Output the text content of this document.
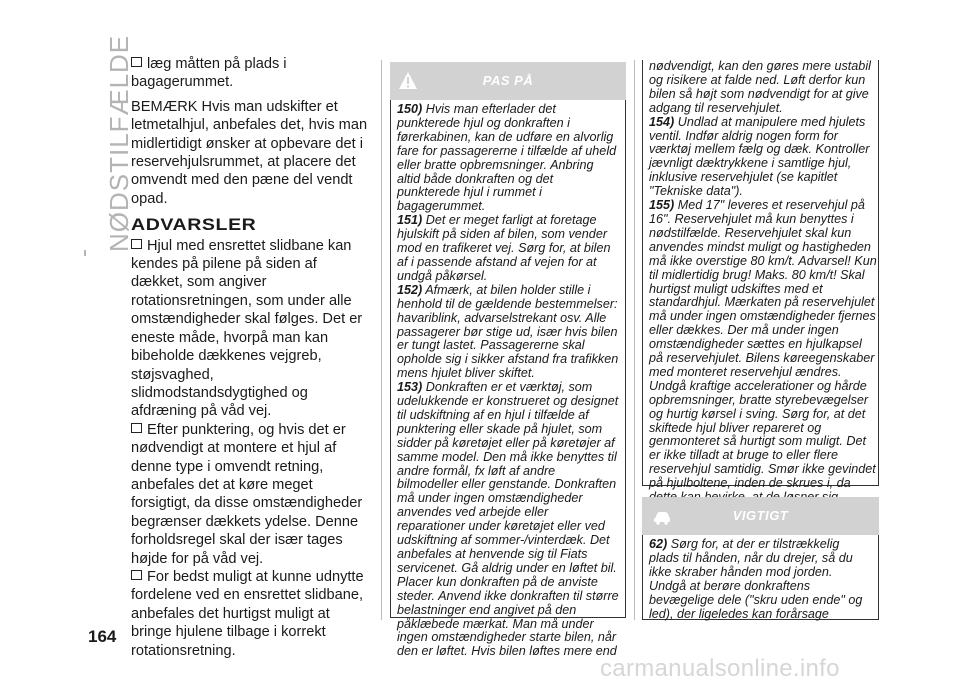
NØDSTILFÆLDE
164

læg måtten på plads i bagagerummet.

BEMÆRK Hvis man udskifter et letmetalhjul, anbefales det, hvis man midlertidigt ønsker at opbevare det i reservehjulsrummet, at placere det omvendt med den pæne del vendt opad.

ADVARSLER

Hjul med ensrettet slidbane kan kendes på pilene på siden af dækket, som angiver rotationsretningen, som under alle omstændigheder skal følges. Det er eneste måde, hvorpå man kan bibeholde dækkenes vejgreb, støjsvaghed, slidmodstandsdygtighed og afdræning på våd vej.

Efter punktering, og hvis det er nødvendigt at montere et hjul af denne type i omvendt retning, anbefales det at køre meget forsigtigt, da disse omstændigheder begrænser dækkets ydelse. Denne forholdsregel skal der især tages højde for på våd vej.

For bedst muligt at kunne udnytte fordelene ved en ensrettet slidbane, anbefales det hurtigst muligt at bringe hjulene tilbage i korrekt rotationsretning.

PAS PÅ

150) Hvis man efterlader det punkterede hjul og donkraften i førerkabinen, kan de udføre en alvorlig fare for passagererne i tilfælde af uheld eller bratte opbremsninger. Anbring altid både donkraften og det punkterede hjul i rummet i bagagerummet.

151) Det er meget farligt at foretage hjulskift på siden af bilen, som vender mod en trafikeret vej. Sørg for, at bilen af i passende afstand af vejen for at undgå påkørsel.

152) Afmærk, at bilen holder stille i henhold til de gældende bestemmelser: havariblink, advarselstrekant osv. Alle passagerer bør stige ud, især hvis bilen er tungt lastet. Passagererne skal opholde sig i sikker afstand fra trafikken mens hjulet bliver skiftet.

153) Donkraften er et værktøj, som udelukkende er konstrueret og designet til udskiftning af en hjul i tilfælde af punktering eller skade på hjulet, som sidder på køretøjet eller på køretøjer af samme model. Den må ikke benyttes til andre formål, fx løft af andre bilmodeller eller genstande. Donkraften må under ingen omstændigheder anvendes ved arbejde eller reparationer under køretøjet eller ved udskiftning af sommer-/vinterdæk. Det anbefales at henvende sig til Fiats servicenet. Gå aldrig under en løftet bil. Placer kun donkraften på de anviste steder. Anvend ikke donkraften til større belastninger end angivet på den påklæbede mærkat. Man må under ingen omstændigheder starte bilen, når den er løftet. Hvis bilen løftes mere end

nødvendigt, kan den gøres mere ustabil og risikere at falde ned. Løft derfor kun bilen så højt som nødvendigt for at give adgang til reservehjulet.

154) Undlad at manipulere med hjulets ventil. Indfør aldrig nogen form for værktøj mellem fælg og dæk. Kontroller jævnligt dæktrykkene i samtlige hjul, inklusive reservehjulet (se kapitlet "Tekniske data").

155) Med 17" leveres et reservehjul på 16". Reservehjulet må kun benyttes i nødstilfælde. Reservehjulet skal kun anvendes mindst muligt og hastigheden må ikke overstige 80 km/t. Advarsel! Kun til midlertidig brug! Maks. 80 km/t! Skal hurtigst muligt udskiftes med et standardhjul. Mærkaten på reservehjulet må under ingen omstændigheder fjernes eller dækkes. Der må under ingen omstændigheder sættes en hjulkapsel på reservehjulet. Bilens køreegenskaber med monteret reservehjul ændres. Undgå kraftige accelerationer og hårde opbremsninger, bratte styrebevægelser og hurtig kørsel i sving. Sørg for, at det skiftede hjul bliver repareret og genmonteret så hurtigt som muligt. Det er ikke tilladt at bruge to eller flere reservehjul samtidig. Smør ikke gevindet på hjulboltene, inden de skrues i, da

VIGTIGT

62) Sørg for, at der er tilstrækkelig plads til hånden, når du drejer, så du ikke skraber hånden mod jorden. Undgå at berøre donkraftens bevægelige dele ("skru uden ende" og led), der ligeledes kan forårsage

carmanualsonline.info
